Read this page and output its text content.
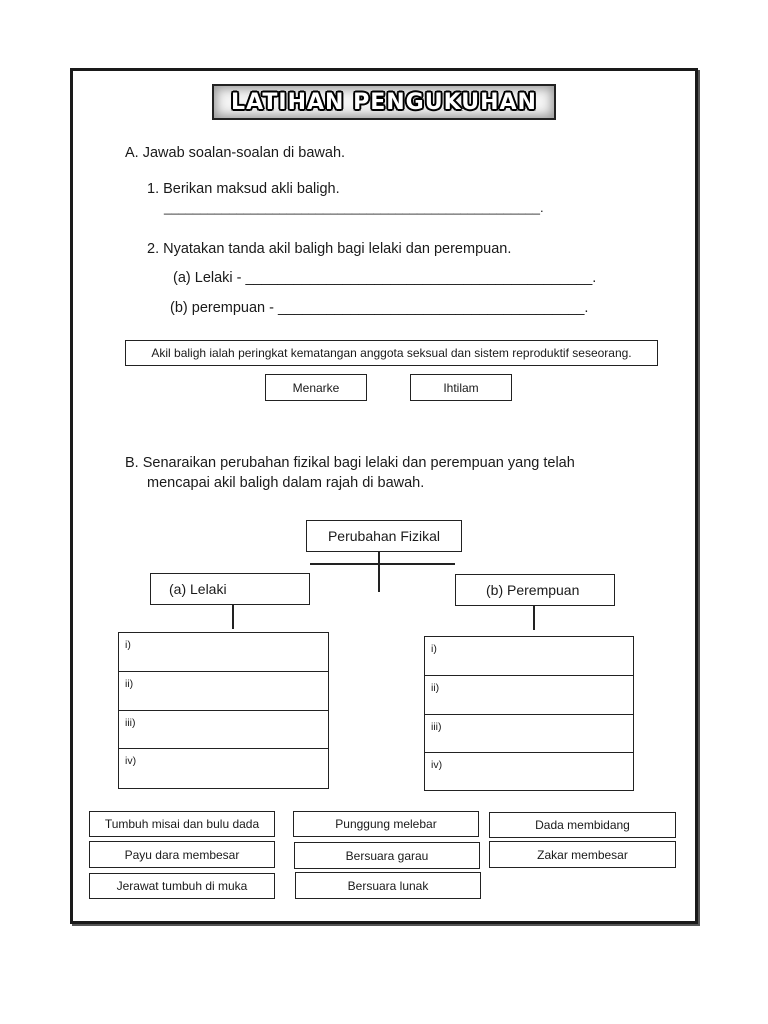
LATIHAN PENGUKUHAN
A. Jawab soalan-soalan di bawah.
1. Berikan maksud akli baligh.
____________________________________________________.
2. Nyatakan tanda akil baligh bagi lelaki dan perempuan.
(a) Lelaki - ___________________________________________.
(b) perempuan - ______________________________________.
Akil baligh ialah peringkat kematangan anggota seksual dan sistem reproduktif seseorang.
Menarke	Ihtilam
B. Senaraikan perubahan fizikal bagi lelaki dan perempuan yang telah
mencapai akil baligh dalam rajah di bawah.
Perubahan Fizikal
(a) Lelaki	(b) Perempuan
i)
ii)
iii)
iv)
i)
ii)
iii)
iv)
Tumbuh misai dan bulu dada	Punggung melebar	Dada membidang
Payu dara membesar	Bersuara garau	Zakar membesar
Jerawat tumbuh di muka	Bersuara lunak
